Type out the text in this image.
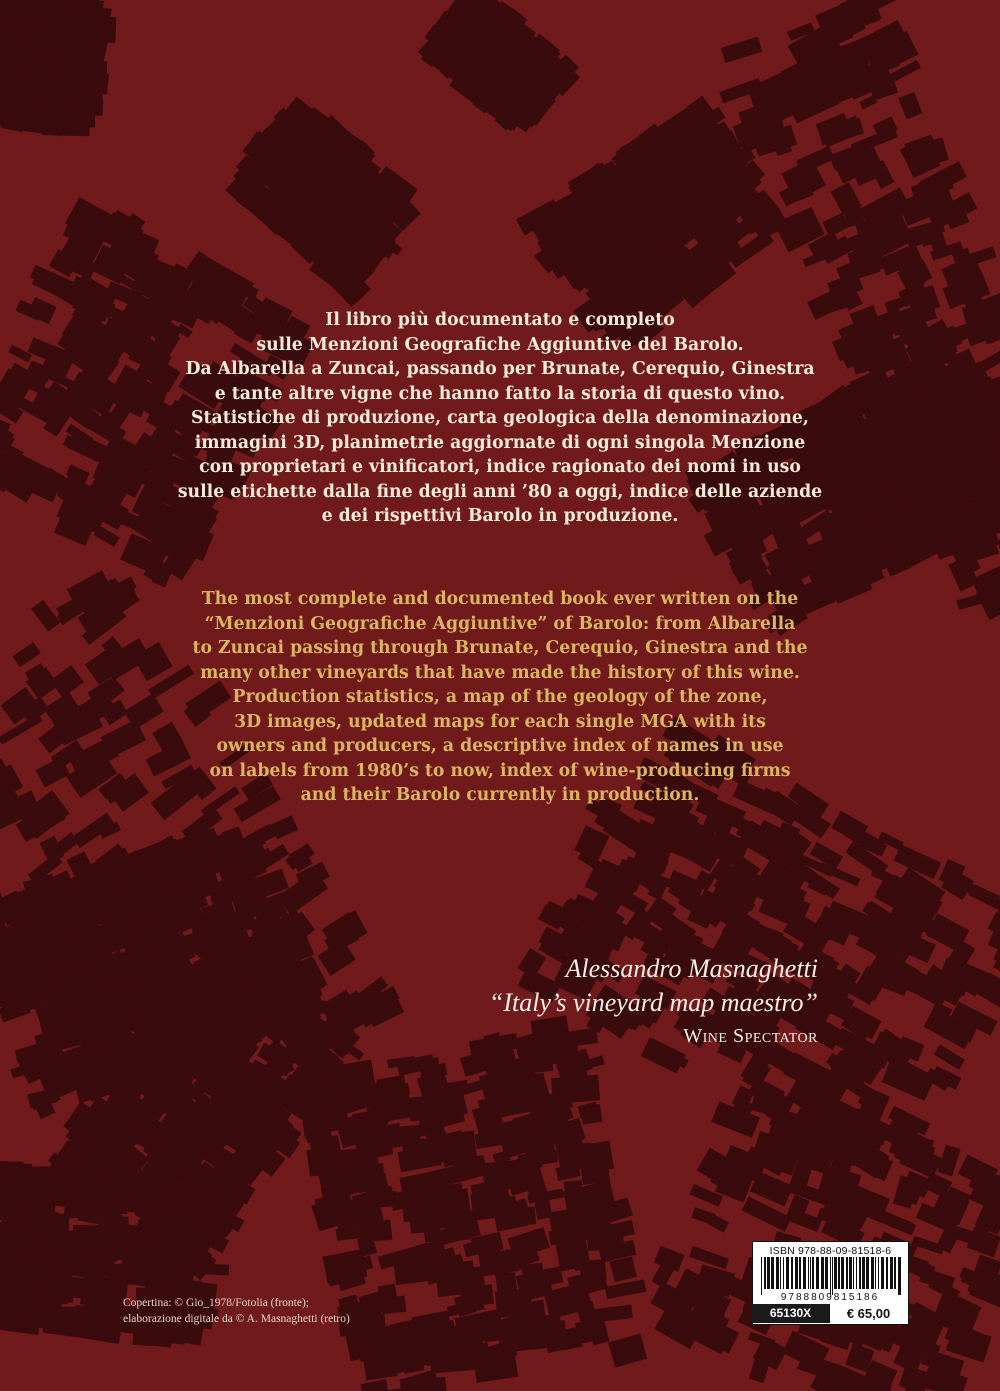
Il libro più documentato e completo
sulle Menzioni Geografiche Aggiuntive del Barolo.
Da Albarella a Zuncai, passando per Brunate, Cerequio, Ginestra
e tante altre vigne che hanno fatto la storia di questo vino.
Statistiche di produzione, carta geologica della denominazione,
immagini 3D, planimetrie aggiornate di ogni singola Menzione
con proprietari e vinificatori, indice ragionato dei nomi in uso
sulle etichette dalla fine degli anni ’80 a oggi, indice delle aziende
e dei rispettivi Barolo in produzione.
The most complete and documented book ever written on the
“Menzioni Geografiche Aggiuntive” of Barolo: from Albarella
to Zuncai passing through Brunate, Cerequio, Ginestra and the
many other vineyards that have made the history of this wine.
Production statistics, a map of the geology of the zone,
3D images, updated maps for each single MGA with its
owners and producers, a descriptive index of names in use
on labels from 1980’s to now, index of wine-producing firms
and their Barolo currently in production.
Alessandro Masnaghetti
“Italy’s vineyard map maestro”
Wine Spectator
Copertina: © Gio_1978/Fotolia (fronte);
elaborazione digitale da © A. Masnaghetti (retro)
ISBN 978-88-09-81518-6
9788809815186
65130X	€ 65,00
